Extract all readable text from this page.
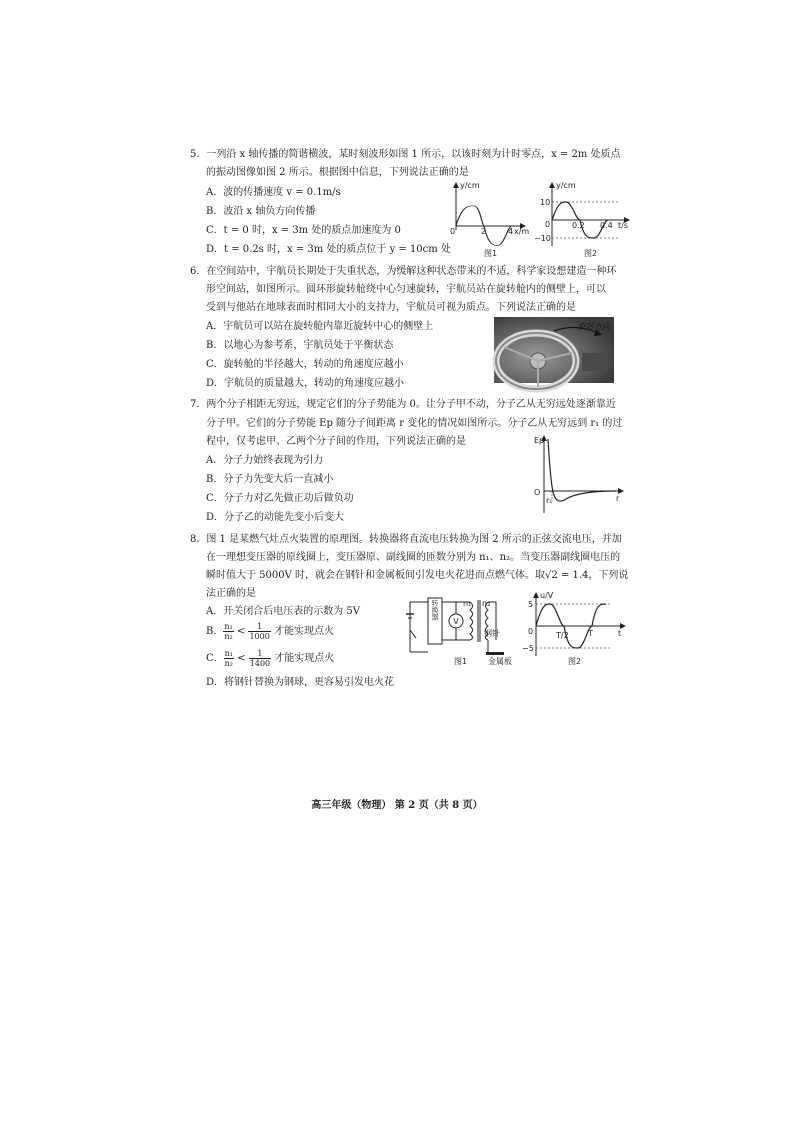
5．一列沿 x 轴传播的简谐横波，某时刻波形如图 1 所示，以该时刻为计时零点，x = 2m 处质点
的振动图像如图 2 所示。根据图中信息，下列说法正确的是
A．波的传播速度 v = 0.1m/s
B．波沿 x 轴负方向传播
C．t = 0 时，x = 3m 处的质点加速度为 0
D．t = 0.2s 时，x = 3m 处的质点位于 y = 10cm 处
y/cm
0	2	4 x/m
图1
y/cm
10
−10
0	0.2 0.4 t/s
图2
6．在空间站中，宇航员长期处于失重状态，为缓解这种状态带来的不适，科学家设想建造一种环
形空间站，如图所示。圆环形旋转舱绕中心匀速旋转，宇航员站在旋转舱内的侧壁上，可以
受到与他站在地球表面时相同大小的支持力，宇航员可视为质点。下列说法正确的是
A．宇航员可以站在旋转舱内靠近旋转中心的侧壁上
B．以地心为参考系，宇航员处于平衡状态
C．旋转舱的半径越大，转动的角速度应越小
D．宇航员的质量越大，转动的角速度应越小
旋转方向
7．两个分子相距无穷远，规定它们的分子势能为 0。让分子甲不动，分子乙从无穷远处逐渐靠近
分子甲。它们的分子势能 Ep 随分子间距离 r 变化的情况如图所示。分子乙从无穷远到 r₁ 的过
程中，仅考虑甲、乙两个分子间的作用，下列说法正确的是
A．分子力始终表现为引力
B．分子力先变大后一直减小
C．分子力对乙先做正功后做负功
D．分子乙的动能先变小后变大
Ep
O
r₁	r
8．图 1 是某燃气灶点火装置的原理图。转换器将直流电压转换为图 2 所示的正弦交流电压，并加
在一理想变压器的原线圈上，变压器原、副线圈的匝数分别为 n₁、n₂。当变压器副线圈电压的
瞬时值大于 5000V 时，就会在钢针和金属板间引发电火花进而点燃气体。取√2 = 1.4，下列说
法正确的是
A．开关闭合后电压表的示数为 5V
B． $\frac{\text{n₁}}{\text{n₂}} < \frac{1}{1000}$ 才能实现点火
C． $\frac{\text{n₁}}{\text{n₂}} < \frac{1}{1400}$ 才能实现点火
D．将钢针替换为钢球，更容易引发电火花
转换器
V
n₁ n₂
钢针
金属板
图1
u/V
5
−5
0	T/2 T	t
图2
高三年级（物理） 第 2 页（共 8 页）
